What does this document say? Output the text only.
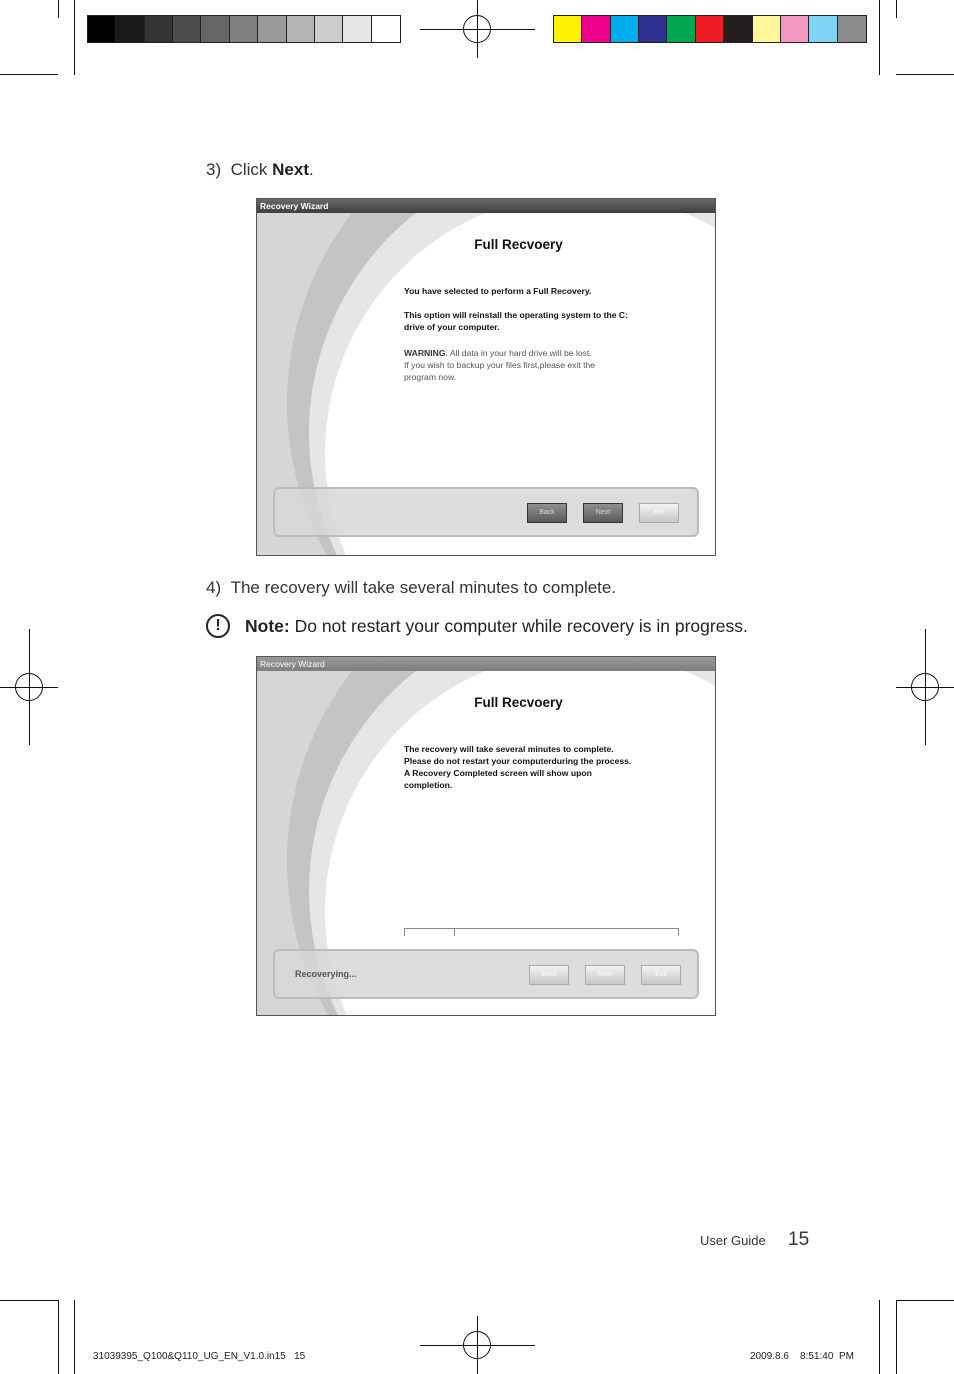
3) Click Next.
Recovery Wizard
Full Recvoery
You have selected to perform a Full Recovery.
This option will reinstall the operating system to the C:
drive of your computer.
WARNING: All data in your hard drive will be lost.
If you wish to backup your files first,please exit the
program now.
Back	Next	Exit
4) The recovery will take several minutes to complete.
!	Note: Do not restart your computer while recovery is in progress.
Recovery Wizard
Full Recvoery
The recovery will take several minutes to complete.
Please do not restart your computerduring the process.
A Recovery Completed screen will show upon
completion.
Recoverying...	Back	Next	Exit
User Guide 15
31039395_Q100&Q110_UG_EN_V1.0.in15   15	2009.8.6    8:51:40  PM
